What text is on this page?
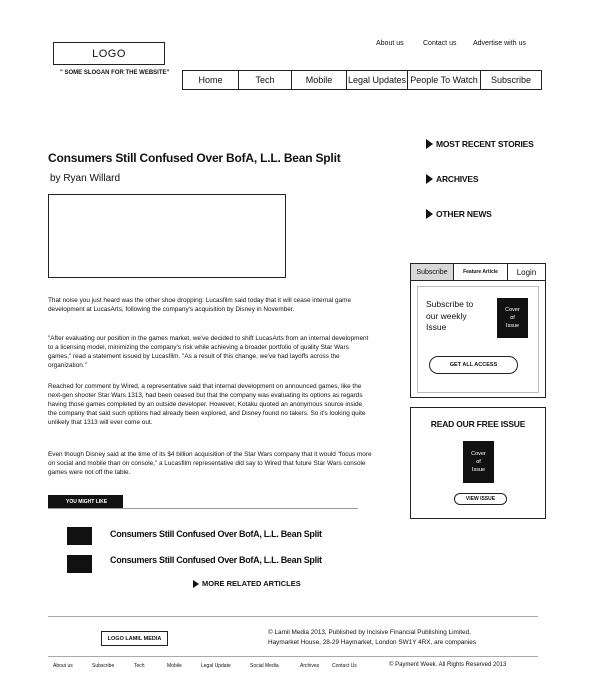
LOGO
" SOME SLOGAN FOR THE WEBSITE"
About us	Contact us Advertise with us
Home	Tech	Mobile	Legal Updates People To Watch	Subscribe
Consumers Still Confused Over BofA, L.L. Bean Split
by Ryan Willard

That noise you just heard was the other shoe dropping: Lucasfilm said today that it will cease internal game development at LucasArts, following the company's acquisition by Disney in November.

"After evaluating our position in the games market, we've decided to shift LucasArts from an internal development to a licensing model, minimizing the company's risk while achieving a broader portfolio of quality Star Wars games," read a statement issued by Lucasfilm. "As a result of this change, we've had layoffs across the organization."

Reached for comment by Wired, a representative said that internal development on announced games, like the next-gen shooter Star Wars 1313, had been ceased but that the company was evaluating its options as regards having those games completed by an outside developer. However, Kotaku quoted an anonymous source inside the company that said such options had already been explored, and Disney found no takers. So it's looking quite unlikely that 1313 will ever come out.

Even though Disney said at the time of its $4 billion acquisition of the Star Wars company that it would "focus more on social and mobile than on console," a Lucasfilm representative did say to Wired that future Star Wars console games were not off the table.

YOU MIGHT LIKE
Consumers Still Confused Over BofA, L.L. Bean Split
Consumers Still Confused Over BofA, L.L. Bean Split
MORE RELATED ARTICLES
MOST RECENT STORIES
ARCHIVES
OTHER NEWS
Subscribe	Feature Article	Login
Subscribe to our weekly Issue
Cover
of
Issue
GET ALL ACCESS
READ OUR FREE ISSUE
Cover
of
Issue
VIEW ISSUE
LOGO LAMIL MEDIA
© Lamil Media 2013, Published by Incisive Financial Publishing Limited,
Haymarket House, 28-29 Haymarket, London SW1Y 4RX, are companies
About us	Subscribe	Tech	Mobile	Legal Update	Social Media	Archives	Contact Us	© Payment Week. All Rights Reserved 2013
